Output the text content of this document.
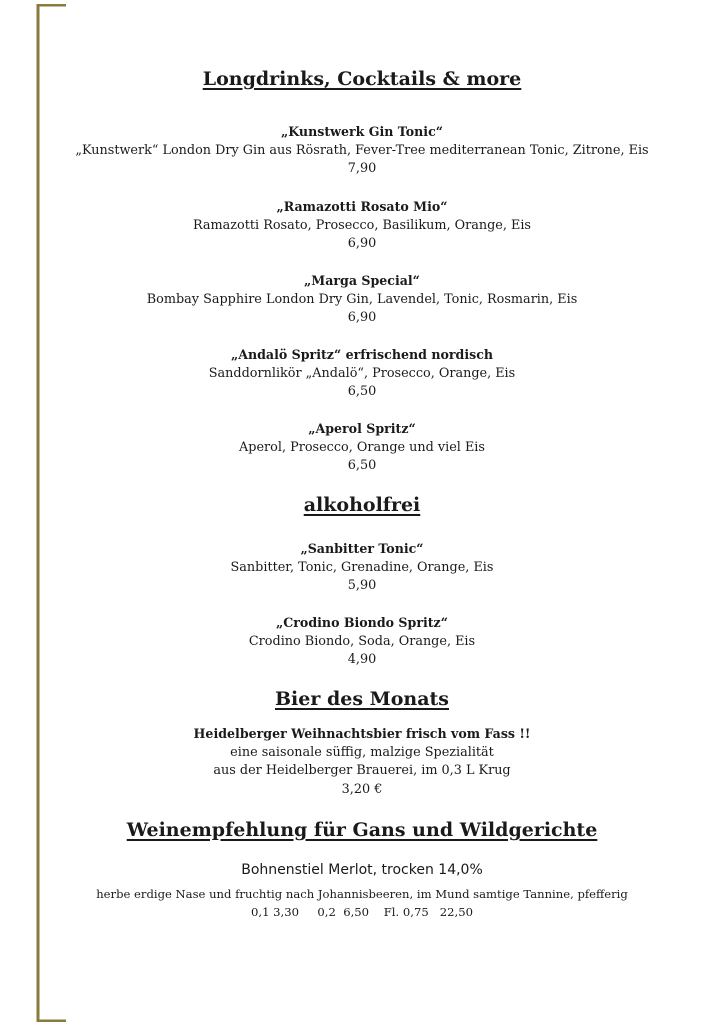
Longdrinks, Cocktails & more
„Kunstwerk Gin Tonic“
„Kunstwerk“ London Dry Gin aus Rösrath, Fever-Tree mediterranean Tonic, Zitrone, Eis
7,90
„Ramazotti Rosato Mio“
Ramazotti Rosato, Prosecco, Basilikum, Orange, Eis
6,90
„Marga Special“
Bombay Sapphire London Dry Gin, Lavendel, Tonic, Rosmarin, Eis
6,90
„Andalö Spritz“ erfrischend nordisch
Sanddornlikör „Andalö“, Prosecco, Orange, Eis
6,50
„Aperol Spritz“
Aperol, Prosecco, Orange und viel Eis
6,50
alkoholfrei
„Sanbitter Tonic“
Sanbitter, Tonic, Grenadine, Orange, Eis
5,90
„Crodino Biondo Spritz“
Crodino Biondo, Soda, Orange, Eis
4,90
Bier des Monats
Heidelberger Weihnachtsbier frisch vom Fass !!
eine saisonale süffig, malzige Spezialität
aus der Heidelberger Brauerei, im 0,3 L Krug
3,20 €
Weinempfehlung für Gans und Wildgerichte
Bohnenstiel Merlot, trocken 14,0%
herbe erdige Nase und fruchtig nach Johannisbeeren, im Mund samtige Tannine, pfefferig
0,1 3,30     0,2  6,50    Fl. 0,75   22,50
